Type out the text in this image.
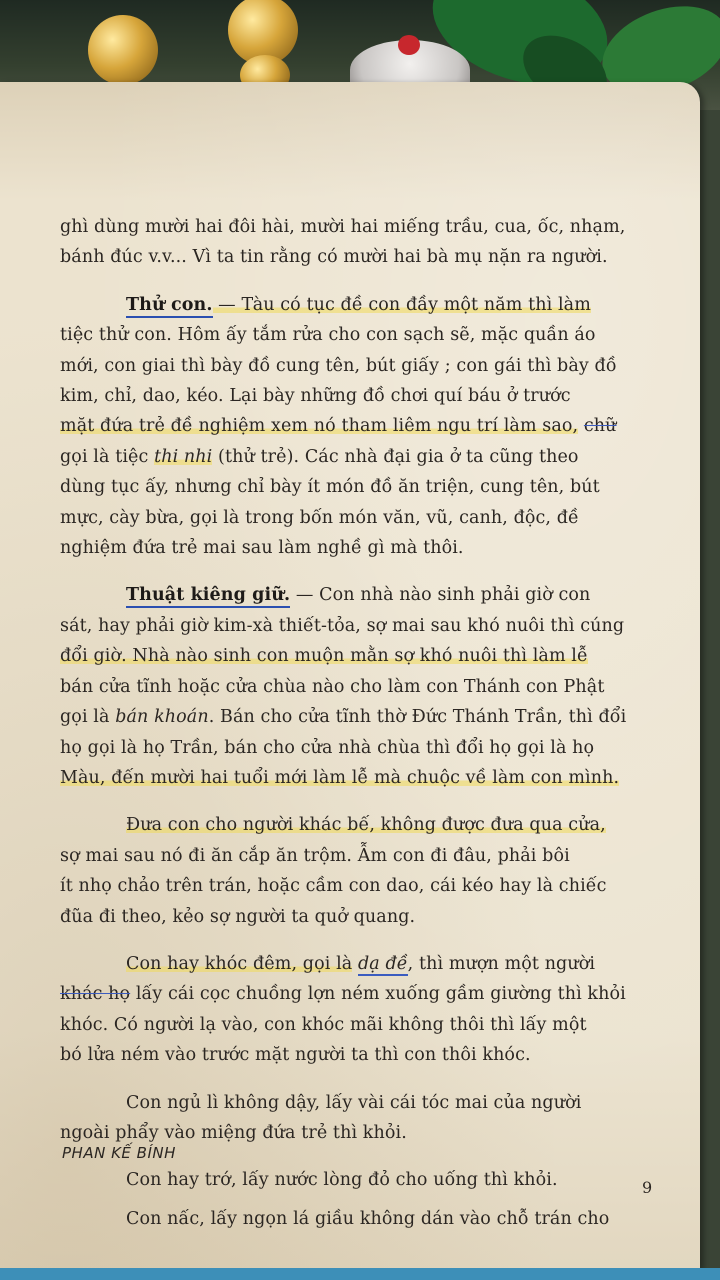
ghì dùng mười hai đôi hài, mười hai miếng trầu, cua, ốc, nhạm,
bánh đúc v.v... Vì ta tin rằng có mười hai bà mụ nặn ra người.

Thử con. — Tàu có tục đề con đầy một năm thì làm
tiệc thử con. Hôm ấy tắm rửa cho con sạch sẽ, mặc quần áo
mới, con giai thì bày đồ cung tên, bút giấy ; con gái thì bày đồ
kim, chỉ, dao, kéo. Lại bày những đồ chơi quí báu ở trước
mặt đứa trẻ đề nghiệm xem nó tham liêm ngu trí làm sao, chữ
gọi là tiệc thi nhi (thử trẻ). Các nhà đại gia ở ta cũng theo
dùng tục ấy, nhưng chỉ bày ít món đồ ăn triện, cung tên, bút
mực, cày bừa, gọi là trong bốn món văn, vũ, canh, độc, đề
nghiệm đứa trẻ mai sau làm nghề gì mà thôi.

Thuật kiêng giữ. — Con nhà nào sinh phải giờ con
sát, hay phải giờ kim-xà thiết-tỏa, sợ mai sau khó nuôi thì cúng
đổi giờ. Nhà nào sinh con muộn mằn sợ khó nuôi thì làm lễ
bán cửa tĩnh hoặc cửa chùa nào cho làm con Thánh con Phật
gọi là bán khoán. Bán cho cửa tĩnh thờ Đức Thánh Trần, thì đổi
họ gọi là họ Trần, bán cho cửa nhà chùa thì đổi họ gọi là họ
Màu, đến mười hai tuổi mới làm lễ mà chuộc về làm con mình.

Đưa con cho người khác bế, không được đưa qua cửa,
sợ mai sau nó đi ăn cắp ăn trộm. Ẫm con đi đâu, phải bôi
ít nhọ chảo trên trán, hoặc cầm con dao, cái kéo hay là chiếc
đũa đi theo, kẻo sợ người ta quở quang.

Con hay khóc đêm, gọi là dạ đề, thì mượn một người
khác họ lấy cái cọc chuồng lợn ném xuống gầm giường thì khỏi
khóc. Có người lạ vào, con khóc mãi không thôi thì lấy một
bó lửa ném vào trước mặt người ta thì con thôi khóc.

Con ngủ lì không dậy, lấy vài cái tóc mai của người
ngoài phẩy vào miệng đứa trẻ thì khỏi.

Con hay trớ, lấy nước lòng đỏ cho uống thì khỏi.

Con nấc, lấy ngọn lá giầu không dán vào chỗ trán cho

PHAN KẾ BÍNH
9
